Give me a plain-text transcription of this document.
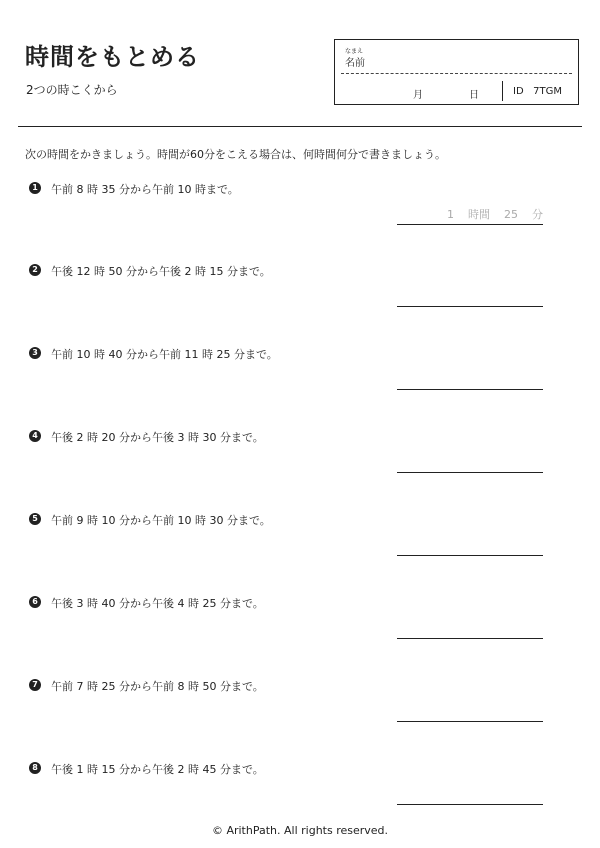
時間をもとめる
2つの時こくから
なまえ
名前
月	日	ID   7TGM
次の時間をかきましょう。時間が60分をこえる場合は、何時間何分で書きましょう。
1 午前 8 時 35 分から午前 10 時まで。
1    時間    25    分
2 午後 12 時 50 分から午後 2 時 15 分まで。
3 午前 10 時 40 分から午前 11 時 25 分まで。
4 午後 2 時 20 分から午後 3 時 30 分まで。
5 午前 9 時 10 分から午前 10 時 30 分まで。
6 午後 3 時 40 分から午後 4 時 25 分まで。
7 午前 7 時 25 分から午前 8 時 50 分まで。
8 午後 1 時 15 分から午後 2 時 45 分まで。
© ArithPath. All rights reserved.
